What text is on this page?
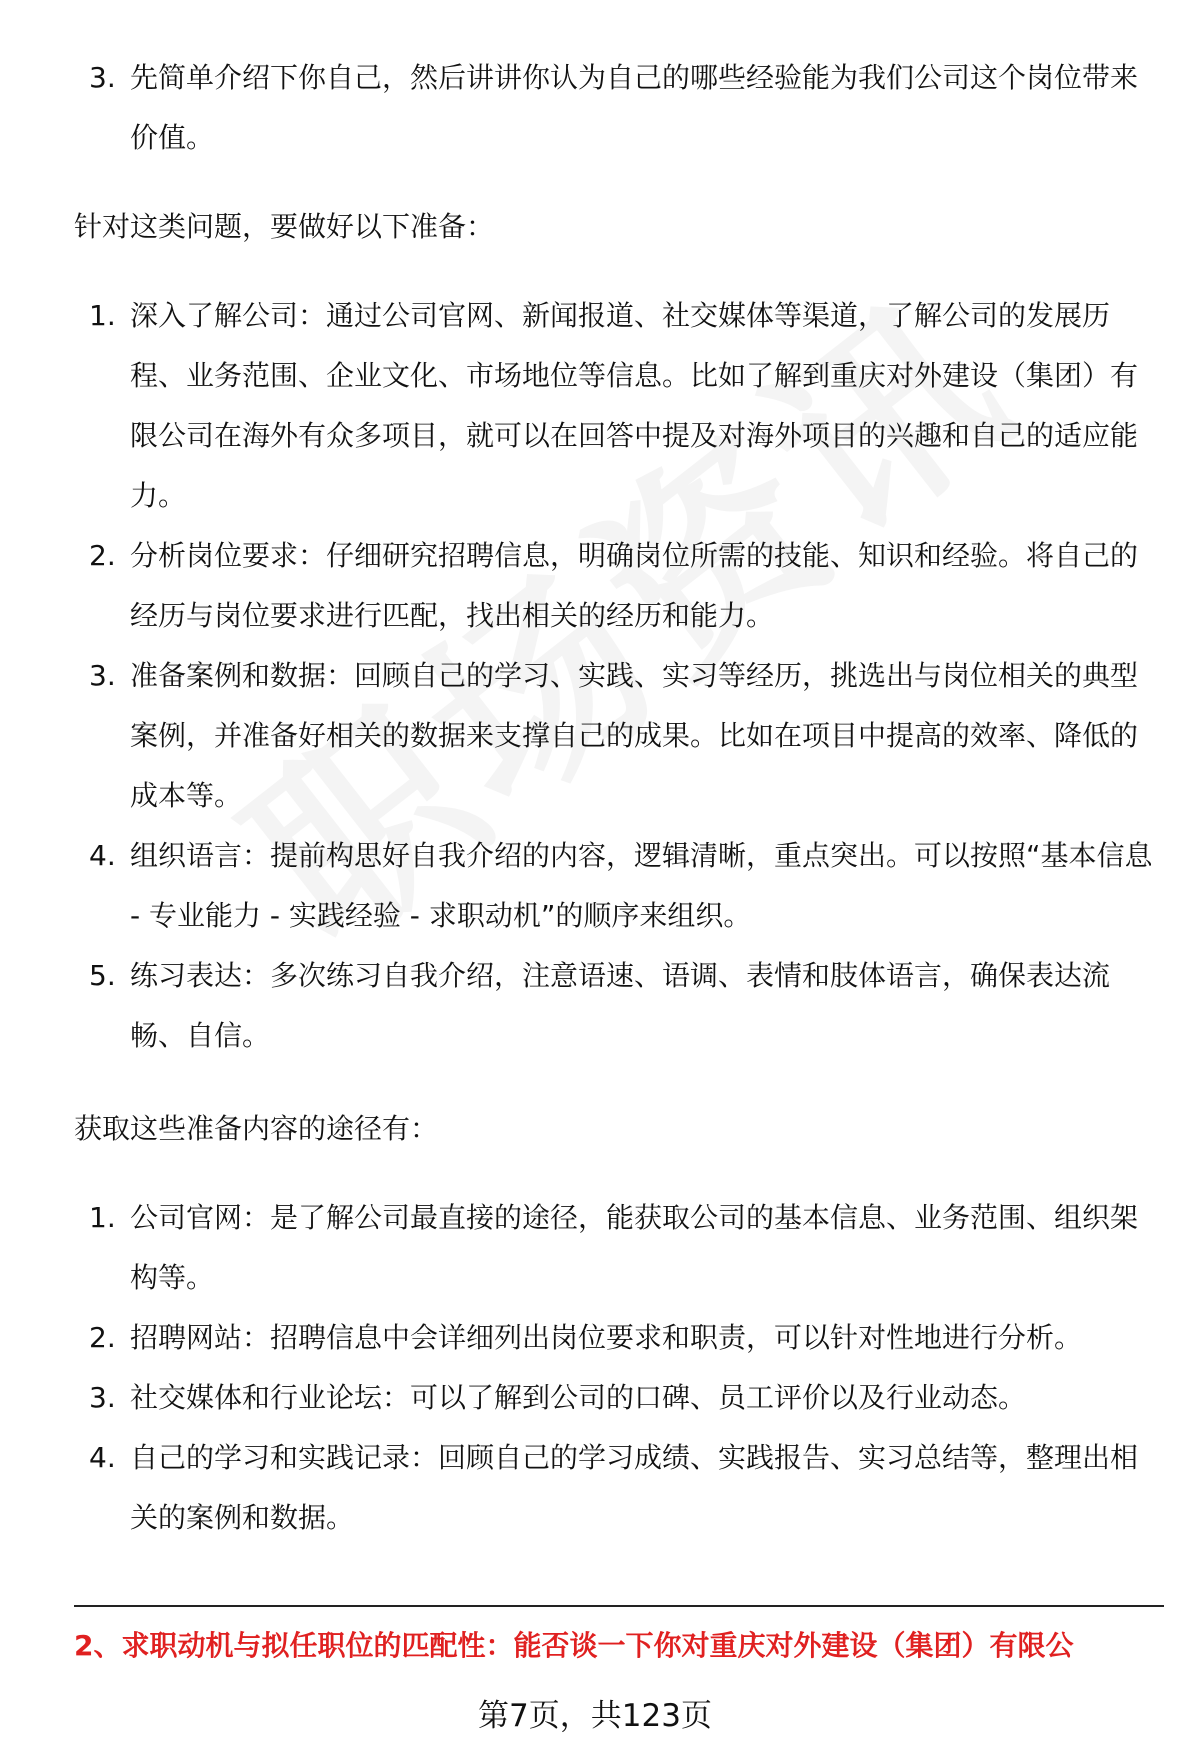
3. 先简单介绍下你自己，然后讲讲你认为自己的哪些经验能为我们公司这个岗位带来价值。

针对这类问题，要做好以下准备：

1. 深入了解公司：通过公司官网、新闻报道、社交媒体等渠道，了解公司的发展历程、业务范围、企业文化、市场地位等信息。比如了解到重庆对外建设（集团）有限公司在海外有众多项目，就可以在回答中提及对海外项目的兴趣和自己的适应能力。
2. 分析岗位要求：仔细研究招聘信息，明确岗位所需的技能、知识和经验。将自己的经历与岗位要求进行匹配，找出相关的经历和能力。
3. 准备案例和数据：回顾自己的学习、实践、实习等经历，挑选出与岗位相关的典型案例，并准备好相关的数据来支撑自己的成果。比如在项目中提高的效率、降低的成本等。
4. 组织语言：提前构思好自我介绍的内容，逻辑清晰，重点突出。可以按照“基本信息 - 专业能力 - 实践经验 - 求职动机”的顺序来组织。
5. 练习表达：多次练习自我介绍，注意语速、语调、表情和肢体语言，确保表达流畅、自信。

获取这些准备内容的途径有：

1. 公司官网：是了解公司最直接的途径，能获取公司的基本信息、业务范围、组织架构等。
2. 招聘网站：招聘信息中会详细列出岗位要求和职责，可以针对性地进行分析。
3. 社交媒体和行业论坛：可以了解到公司的口碑、员工评价以及行业动态。
4. 自己的学习和实践记录：回顾自己的学习成绩、实践报告、实习总结等，整理出相关的案例和数据。
2、求职动机与拟任职位的匹配性：能否谈一下你对重庆对外建设（集团）有限公
第7页，共123页
